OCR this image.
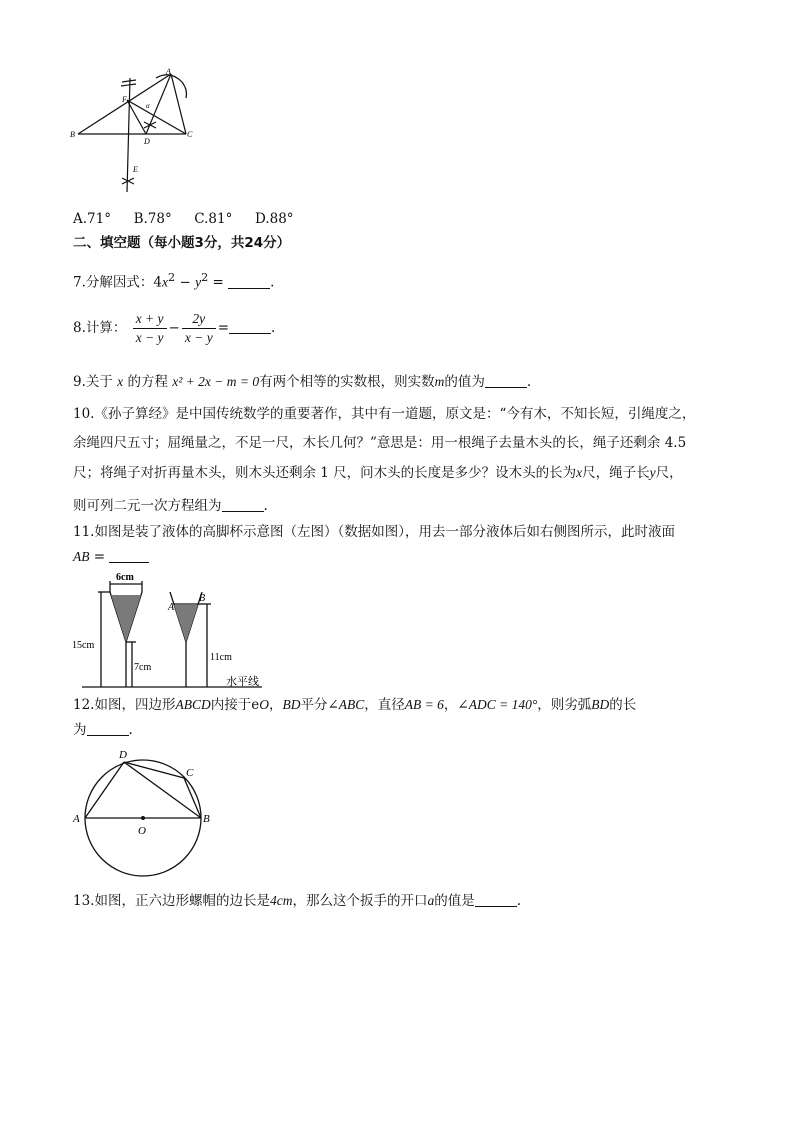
A
B	C
D
E
F
α
A.71° B.78° C.81° D.88°
二、填空题（每小题3分，共24分）
7.分解因式：$4x^2 - y^2$ =	.
8.计算： $\frac{x + y}{x - y} - \frac{2y}{x - y}$ =	.
9.关于 x 的方程 x² + 2x − m = 0有两个相等的实数根，则实数m的值为	.
10.《孙子算经》是中国传统数学的重要著作，其中有一道题，原文是：“今有木，不知长短，引绳度之，
余绳四尺五寸；屈绳量之，不足一尺，木长几何？”意思是：用一根绳子去量木头的长，绳子还剩余 4.5
尺；将绳子对折再量木头，则木头还剩余 1 尺，问木头的长度是多少？设木头的长为x尺，绳子长y尺，
则可列二元一次方程组为	.
11.如图是装了液体的高脚杯示意图（左图）（数据如图），用去一部分液体后如右侧图所示，此时液面
AB =
6cm
15cm
7cm
11cm
A
B
水平线
12.如图，四边形ABCD内接于eO，BD平分∠ABC，直径AB = 6，∠ADC = 140°，则劣弧BD的长
为	.
A	B
C
D
O
13.如图，正六边形螺帽的边长是4cm，那么这个扳手的开口a的值是	.
